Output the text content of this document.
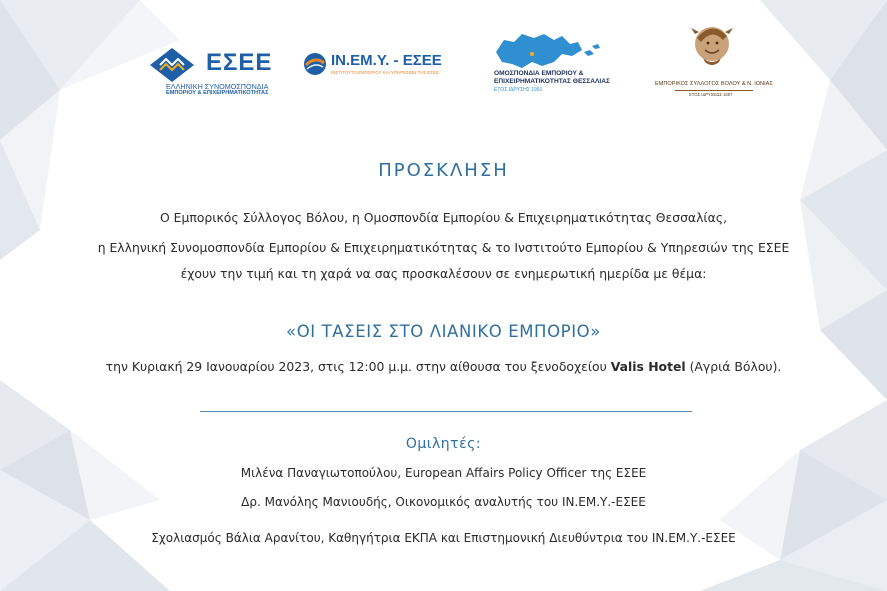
ΕΣΕΕ
ΕΛΛΗΝΙΚΗ ΣΥΝΟΜΟΣΠΟΝΔΙΑ
ΕΜΠΟΡΙΟΥ & ΕΠΙΧΕΙΡΗΜΑΤΙΚΟΤΗΤΑΣ
ΙΝ.ΕΜ.Υ. - ΕΣΕΕ
ΙΝΣΤΙΤΟΥΤΟ ΕΜΠΟΡΙΟΥ ΚΑΙ ΥΠΗΡΕΣΙΩΝ ΤΗΣ ΕΣΕΕ	ΟΜΟΣΠΟΝΔΙΑ ΕΜΠΟΡΙΟΥ &
ΕΠΙΧΕΙΡΗΜΑΤΙΚΟΤΗΤΑΣ ΘΕΣΣΑΛΙΑΣ
ΕΤΟΣ ΙΔΡΥΣΗΣ 1991
ΕΜΠΟΡΙΚΟΣ ΣΥΛΛΟΓΟΣ ΒΟΛΟΥ & Ν. ΙΩΝΙΑΣ
ΕΤΟΣ ΙΔΡΥΣΕΩΣ 1897
ΠΡΟΣΚΛΗΣΗ
Ο Εμπορικός Σύλλογος Βόλου, η Ομοσπονδία Εμπορίου & Επιχειρηματικότητας Θεσσαλίας,
η Ελληνική Συνομοσπονδία Εμπορίου & Επιχειρηματικότητας & το Ινστιτούτο Εμπορίου & Υπηρεσιών της ΕΣΕΕ
έχουν την τιμή και τη χαρά να σας προσκαλέσουν σε ενημερωτική ημερίδα με θέμα:
«ΟΙ ΤΑΣΕΙΣ ΣΤΟ ΛΙΑΝΙΚΟ ΕΜΠΟΡΙΟ»
την Κυριακή 29 Ιανουαρίου 2023, στις 12:00 μ.μ. στην αίθουσα του ξενοδοχείου Valis Hotel (Αγριά Βόλου).
Ομιλητές:
Μιλένα Παναγιωτοπούλου, European Affairs Policy Officer της ΕΣΕΕ
Δρ. Μανόλης Μανιουδής, Οικονομικός αναλυτής του ΙΝ.ΕΜ.Υ.-ΕΣΕΕ
Σχολιασμός Βάλια Αρανίτου, Καθηγήτρια ΕΚΠΑ και Επιστημονική Διευθύντρια του ΙΝ.ΕΜ.Υ.-ΕΣΕΕ
